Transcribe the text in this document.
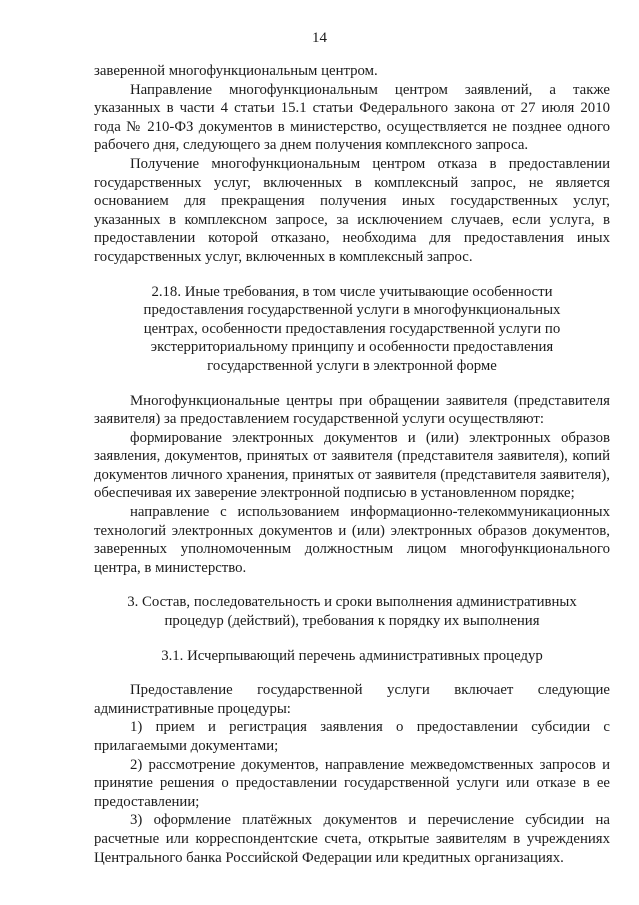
14

заверенной многофункциональным центром.

Направление многофункциональным центром заявлений, а также указанных в части 4 статьи 15.1 статьи Федерального закона от 27 июля 2010 года № 210-ФЗ документов в министерство, осуществляется не позднее одного рабочего дня, следующего за днем получения комплексного запроса.

Получение многофункциональным центром отказа в предоставлении государственных услуг, включенных в комплексный запрос, не является основанием для прекращения получения иных государственных услуг, указанных в комплексном запросе, за исключением случаев, если услуга, в предоставлении которой отказано, необходима для предоставления иных государственных услуг, включенных в комплексный запрос.

2.18. Иные требования, в том числе учитывающие особенности предоставления государственной услуги в многофункциональных центрах, особенности предоставления государственной услуги по экстерриториальному принципу и особенности предоставления государственной услуги в электронной форме

Многофункциональные центры при обращении заявителя (представителя заявителя) за предоставлением государственной услуги осуществляют:

формирование электронных документов и (или) электронных образов заявления, документов, принятых от заявителя (представителя заявителя), копий документов личного хранения, принятых от заявителя (представителя заявителя), обеспечивая их заверение электронной подписью в установленном порядке;

направление с использованием информационно-телекоммуникационных технологий электронных документов и (или) электронных образов документов, заверенных уполномоченным должностным лицом многофункционального центра, в министерство.

3. Состав, последовательность и сроки выполнения административных процедур (действий), требования к порядку их выполнения

3.1. Исчерпывающий перечень административных процедур

Предоставление государственной услуги включает следующие административные процедуры:

1) прием и регистрация заявления о предоставлении субсидии с прилагаемыми документами;

2) рассмотрение документов, направление межведомственных запросов и принятие решения о предоставлении государственной услуги или отказе в ее предоставлении;

3) оформление платёжных документов и перечисление субсидии на расчетные или корреспондентские счета, открытые заявителям в учреждениях Центрального банка Российской Федерации или кредитных организациях.
